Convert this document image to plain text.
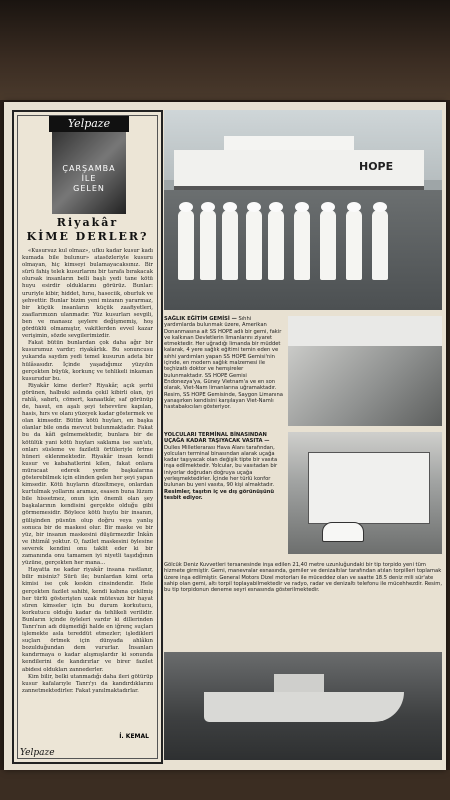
Yelpaze
ÇARŞAMBA
İLE
GELEN
Riyakâr
KİME DERLER?

«Kusursuz kul olmaz», ufku kadar kusur kadı kumada bile bulunur» atasözleriyle kusuru olmayan, hiç kimseyi bulamayacaksınız. Bir sürü fahiş telek kusurlarını bir tarafa bırakacak olursak insanların belli başlı yedi tane kötü huyu esirdir olduklarını görürüz. Bunlar: ururiyle kibir, hiddet, hırsı, haseciik, oburluk ve şehvettir. Bunlar bizim yeni mizanın yararmaz, bir küçük insanların küçük zaafiyetleri, zaaflarımızın ulanmadır. Yüz kusurları sevgili, ben ve manasız şeylere değişmemiş, hoş gördüklü olmamıştır, vakitlerden evvel kazar verişimin, sözde sevgilerimizdir.

Fakat bütün bunlardan çok daha ağır bir kusurumuz vardır; riyakârlık. Bu sonuncusu yukarıda saydım yedi temel kusurun adeta bir hülâsasıdır. İçinde yaşadığımız yüzyılın gerçekten büyük, korkunç ve tehlikeli inkaman kusurudur bu.

Riyakâr kime derler? Riyakâr, açık şerhi görünen, halbuki aslında çekil kibirli olan, iyi rahlâ, sabırlı, cömert, kanaatkâr, saf görünüp de, hasut, en aşalı şeyi tehevvüre kapılan, hasis, hırs ve olanı yüzeyek kadar göstermek ve olan kimsedir. Bütün kötü huyları, en başka olanlar bile onda mevcut bulunmaktadır. Fakat bu da kâfi gelmemektedir, bunlara bir de kötülük yani kötü huyları saklama ise san'atı, onları süsleme ve faziletli örtüleriyle örtme hüneri eklenmektedir. Riyakâr insan kendi kusur ve kabahatlerini kilen, fakat onlara müracaat ederek yerde başkalarına gösterebilmek için elinden gelen her şeyi yapan kimsedir. Kötü huyların düzeltmeye, onlardan kurtulmak yollarını aramaz, esasen buna lüzum bile hissetmez, onun için önemli olan şey başkalarının kendisini gerçekte olduğu gibi görmemesidir. Böylece kötü huylu bir insanın, gülişinden püsnün olup doğru veya yanlış sonuca bir de maskesi olur. Bir maske ve bir yüz, bir insanın maskesini düşürmezdir İnkân ve ihtimâl yoktur. O, fazilet maskesini öylesine severek kendini onu taklit eder ki bir zamanında onu tamamen iyi niyetli taşıdığının yüzüne, gerçekten her mana...

Hayatta ne kadar riyakâr insana rastlanır, bilir misiniz? Sürü ile; bunlardan kimi orta kimisi ise çok keskin cinsindendir. Hele gerçekten fazilet sahibi, kendi kabına çekilmiş her türlü gösterişten uzak mütevazı bir hayat süren kimseler için bu durum korkutucu, korkutucu olduğu kadar da tehlikeli verilidir. Bunların içinde öyleleri vardır ki dillerinden Tanrı'nın adı düşmediği halde en iğrenç suçları işlemekte asla tereddüt etmezler; işledikleri suçları örtmek için dünyada ahlâkın bozulduğundan dem vururlar. İnsanları kandırmaya o kadar alışmışlardır ki sonunda kendilerini de kandırırlar ve birer fazilet abidesi oldukları zannederler.

Kim bilir, belki utanmadığı daha ileri götürüp kusur kafalarıyle Tanrı'yı da kandırdıklarını zannetmektedirler. Fakat yanılmaktadırlar.

İ. KEMAL
Yelpaze
HOPE
SAĞLIK EĞİTİM GEMİSİ — Sıhhi yardımlarda bulunmak üzere, Amerikan Donanmasına ait SS HOPE adlı bir gemi, fakir ve kalkınan Devletlerin limanlarını ziyaret etmektedir. Her uğradığı limanda bir müddet kalarak, 4 yere sağlık eğitimi temin eden ve sıhhi yardımları yapan SS HOPE Gemisi'nin içinde, en modern sağlık malzemesi ile teçhizatlı doktor ve hemşireler bulunmaktadır. SS HOPE Gemisi Endonezya'ya, Güney Vietnam'a ve en son olarak, Viet-Nam limanlarına uğramaktadır. Resim, SS HOPE Gemisinde, Saygon Limanına yanaşırken kendisini karşılayan Viet-Namlı hastabakıcıları gösteriyor.
YOLCULARI TERMİNAL BİNASINDAN UÇAĞA KADAR TAŞIYACAK VASITA — Dulles Milletlerarası Hava Alanı tarafından, yolcuları terminal binasından alarak uçağa kadar taşıyacak olan değişik tipte bir vasıta inşa edilmektedir. Yolcular, bu vasıtadan bir iniyorlar doğrudan doğruya uçağa yerleşmektedirler. İçinde her türlü konfor bulunan bu yeni vasıta, 90 kişi almaktadır. Resimler, taşıtın iç ve dış görünüşünü tesbit ediyor.
Gölcük Deniz Kuvvetleri tersanesinde inşa edilen 21,40 metre uzunluğundaki bir tip torpido yeni tüm hizmete girmiştir. Gemi, manevralar esnasında, gemiler ve denizaltılar tarafından atılan torpilleri toplamak üzere inşa edilmiştir. General Motors Dizel motorları ile müceddez olan ve saatte 18.5 deniz mili sür'ate sahip olan gemi, altı torpil toplayabilmektedir ve radyo, radar ve denizaltı telefonu ile mücehhezdir. Resim, bu tip torpidonun deneme seyri esnasında gösterilmektedir.
